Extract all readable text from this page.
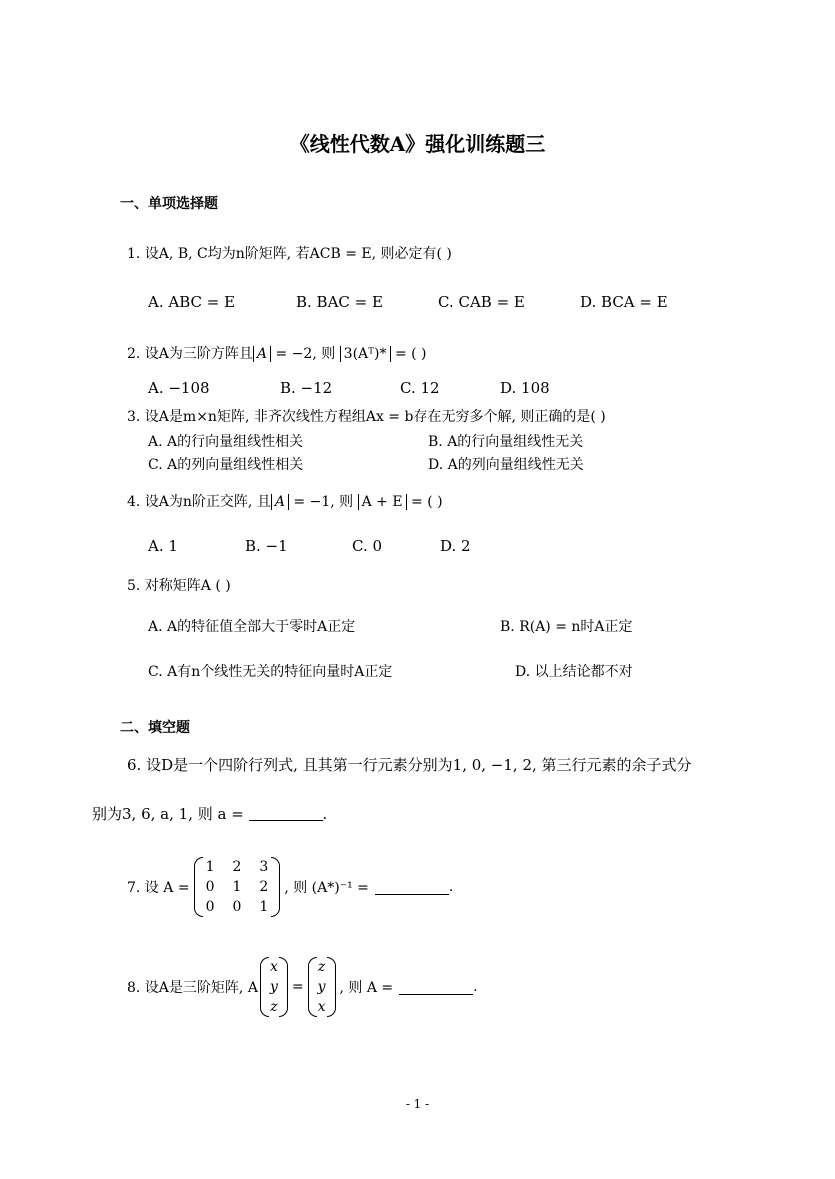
《线性代数A》强化训练题三
一、单项选择题
1. 设A, B, C均为n阶矩阵, 若ACB = E, 则必定有( )
A. ABC = E	B. BAC = E	C. CAB = E	D. BCA = E
2. 设A为三阶方阵且 A = −2, 则 3(Aᵀ)* = ( )
A. −108	B. −12	C. 12	D. 108
3. 设A是m×n矩阵, 非齐次线性方程组Ax = b存在无穷多个解, 则正确的是( )
A. A的行向量组线性相关	B. A的行向量组线性无关
C. A的列向量组线性相关	D. A的列向量组线性无关
4. 设A为n阶正交阵, 且 A = −1, 则 A + E = ( )
A. 1	B. −1	C. 0	D. 2
5. 对称矩阵A ( )
A. A的特征值全部大于零时A正定	B. R(A) = n时A正定
C. A有n个线性无关的特征向量时A正定	D. 以上结论都不对
二、填空题
6. 设D是一个四阶行列式, 且其第一行元素分别为1, 0, −1, 2, 第三行元素的余子式分
别为3, 6, a, 1, 则 a =	.
7. 设 A =
1 2 3
0 1 2
0 0 1
, 则 (A*)⁻¹ =	.
8. 设A是三阶矩阵, A
x
y
z
=
z
y
x
, 则 A =	.
- 1 -
